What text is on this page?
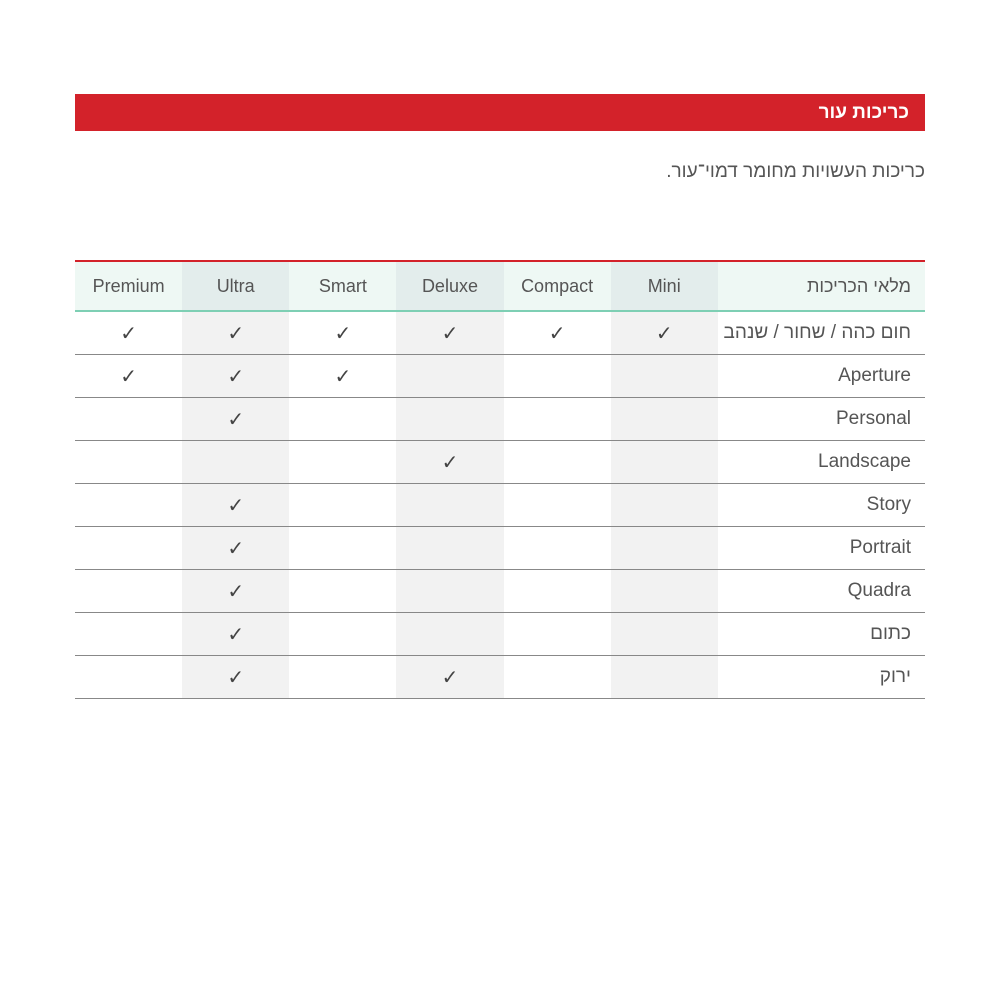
כריכות עור
כריכות העשויות מחומר דמוי־עור.
מלאי הכריכות	Mini	Compact	Deluxe	Smart	Ultra	Premium
חום כהה / שחור / שנהב	✓	✓	✓	✓	✓	✓
Aperture				✓	✓	✓
Personal					✓	
Landscape			✓			
Story					✓	
Portrait					✓	
Quadra					✓	
כתום					✓	
ירוק			✓		✓	
